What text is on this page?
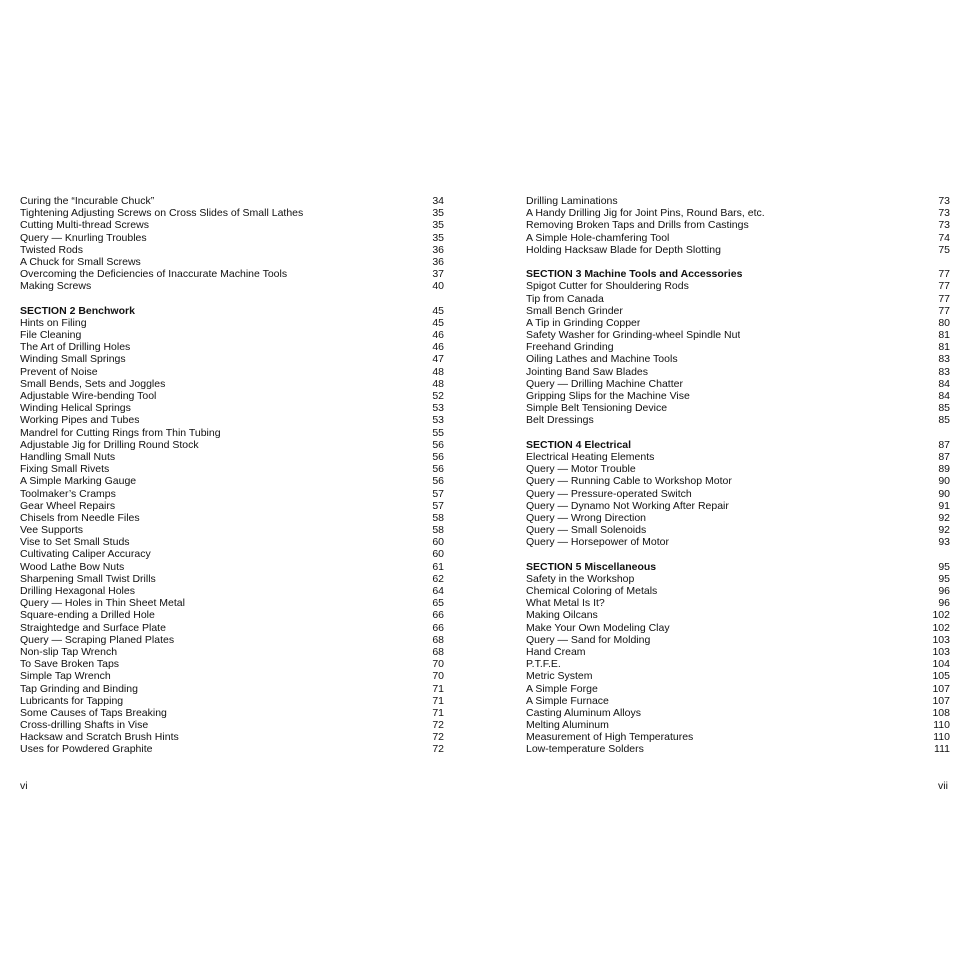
Curing the “Incurable Chuck”	34
Tightening Adjusting Screws on Cross Slides of Small Lathes	35
Cutting Multi-thread Screws	35
Query — Knurling Troubles	35
Twisted Rods	36
A Chuck for Small Screws	36
Overcoming the Deficiencies of Inaccurate Machine Tools	37
Making Screws	40
SECTION 2 Benchwork	45
Hints on Filing	45
File Cleaning	46
The Art of Drilling Holes	46
Winding Small Springs	47
Prevent of Noise	48
Small Bends, Sets and Joggles	48
Adjustable Wire-bending Tool	52
Winding Helical Springs	53
Working Pipes and Tubes	53
Mandrel for Cutting Rings from Thin Tubing	55
Adjustable Jig for Drilling Round Stock	56
Handling Small Nuts	56
Fixing Small Rivets	56
A Simple Marking Gauge	56
Toolmaker’s Cramps	57
Gear Wheel Repairs	57
Chisels from Needle Files	58
Vee Supports	58
Vise to Set Small Studs	60
Cultivating Caliper Accuracy	60
Wood Lathe Bow Nuts	61
Sharpening Small Twist Drills	62
Drilling Hexagonal Holes	64
Query — Holes in Thin Sheet Metal	65
Square-ending a Drilled Hole	66
Straightedge and Surface Plate	66
Query — Scraping Planed Plates	68
Non-slip Tap Wrench	68
To Save Broken Taps	70
Simple Tap Wrench	70
Tap Grinding and Binding	71
Lubricants for Tapping	71
Some Causes of Taps Breaking	71
Cross-drilling Shafts in Vise	72
Hacksaw and Scratch Brush Hints	72
Uses for Powdered Graphite	72
Drilling Laminations	73
A Handy Drilling Jig for Joint Pins, Round Bars, etc.	73
Removing Broken Taps and Drills from Castings	73
A Simple Hole-chamfering Tool	74
Holding Hacksaw Blade for Depth Slotting	75
SECTION 3 Machine Tools and Accessories	77
Spigot Cutter for Shouldering Rods	77
Tip from Canada	77
Small Bench Grinder	77
A Tip in Grinding Copper	80
Safety Washer for Grinding-wheel Spindle Nut	81
Freehand Grinding	81
Oiling Lathes and Machine Tools	83
Jointing Band Saw Blades	83
Query — Drilling Machine Chatter	84
Gripping Slips for the Machine Vise	84
Simple Belt Tensioning Device	85
Belt Dressings	85
SECTION 4 Electrical	87
Electrical Heating Elements	87
Query — Motor Trouble	89
Query — Running Cable to Workshop Motor	90
Query — Pressure-operated Switch	90
Query — Dynamo Not Working After Repair	91
Query — Wrong Direction	92
Query — Small Solenoids	92
Query — Horsepower of Motor	93
SECTION 5 Miscellaneous	95
Safety in the Workshop	95
Chemical Coloring of Metals	96
What Metal Is It?	96
Making Oilcans	102
Make Your Own Modeling Clay	102
Query — Sand for Molding	103
Hand Cream	103
P.T.F.E.	104
Metric System	105
A Simple Forge	107
A Simple Furnace	107
Casting Aluminum Alloys	108
Melting Aluminum	110
Measurement of High Temperatures	110
Low-temperature Solders	111
vi	vii
